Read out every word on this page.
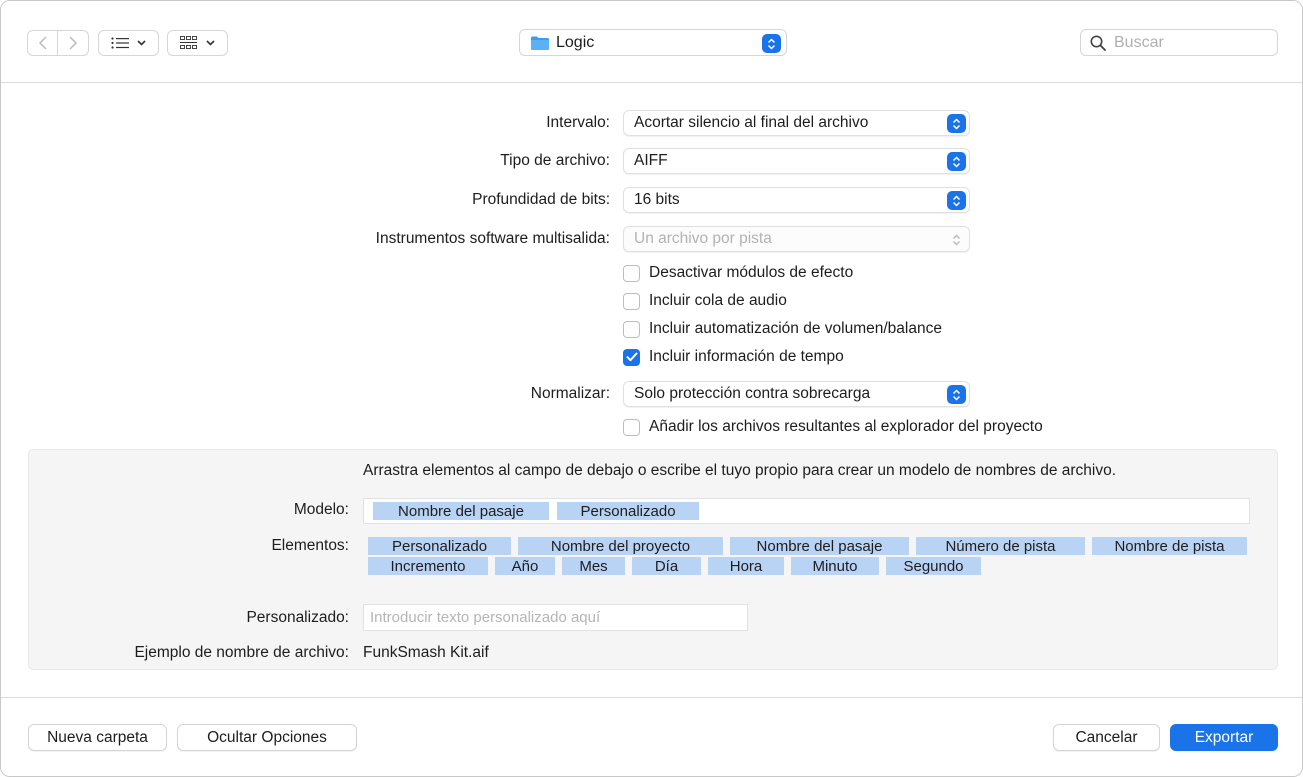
Logic
Buscar
Intervalo: Acortar silencio al final del archivo
Tipo de archivo: AIFF
Profundidad de bits: 16 bits
Instrumentos software multisalida: Un archivo por pista
Desactivar módulos de efecto
Incluir cola de audio
Incluir automatización de volumen/balance
Incluir información de tempo
Normalizar: Solo protección contra sobrecarga
Añadir los archivos resultantes al explorador del proyecto
Arrastra elementos al campo de debajo o escribe el tuyo propio para crear un modelo de nombres de archivo.
Modelo:	Nombre del pasaje	Personalizado
Elementos:	Personalizado	Nombre del proyecto	Nombre del pasaje	Número de pista	Nombre de pista
Incremento	Año	Mes	Día	Hora	Minuto	Segundo
Personalizado:
Introducir texto personalizado aquí
Ejemplo de nombre de archivo: FunkSmash Kit.aif
Nueva carpeta	Ocultar Opciones	Cancelar	Exportar
